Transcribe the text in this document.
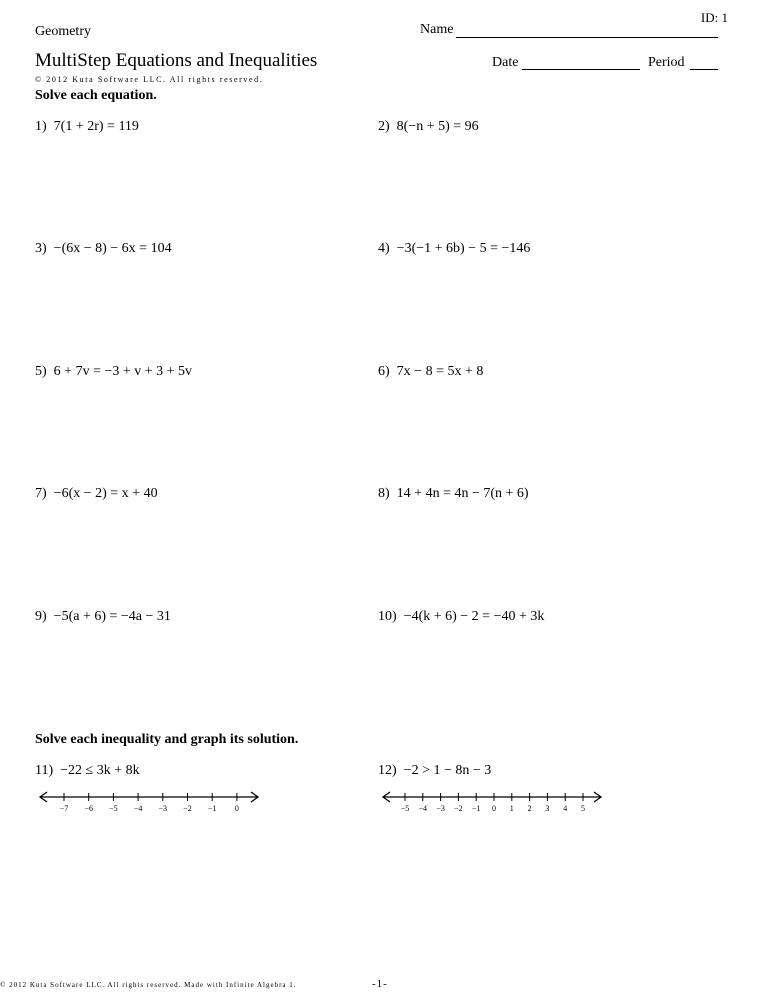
ID: 1
Geometry	Name
MultiStep Equations and Inequalities	Date	Period
© 2012 Kuta Software LLC. All rights reserved.
Solve each equation.
1) 7(1 + 2r) = 119	2) 8(−n + 5) = 96
3) −(6x − 8) − 6x = 104	4) −3(−1 + 6b) − 5 = −146
5) 6 + 7v = −3 + v + 3 + 5v	6) 7x − 8 = 5x + 8
7) −6(x − 2) = x + 40	8) 14 + 4n = 4n − 7(n + 6)
9) −5(a + 6) = −4a − 31	10) −4(k + 6) − 2 = −40 + 3k
Solve each inequality and graph its solution.
11) −22 ≤ 3k + 8k	12) −2 > 1 − 8n − 3
−7 −6 −5 −4 −3 −2 −1 0	−5 −4 −3 −2 −1 0 1 2 3 4 5
© 2012 Kuta Software LLC. All rights reserved. Made with Infinite Algebra 1.	-1-
